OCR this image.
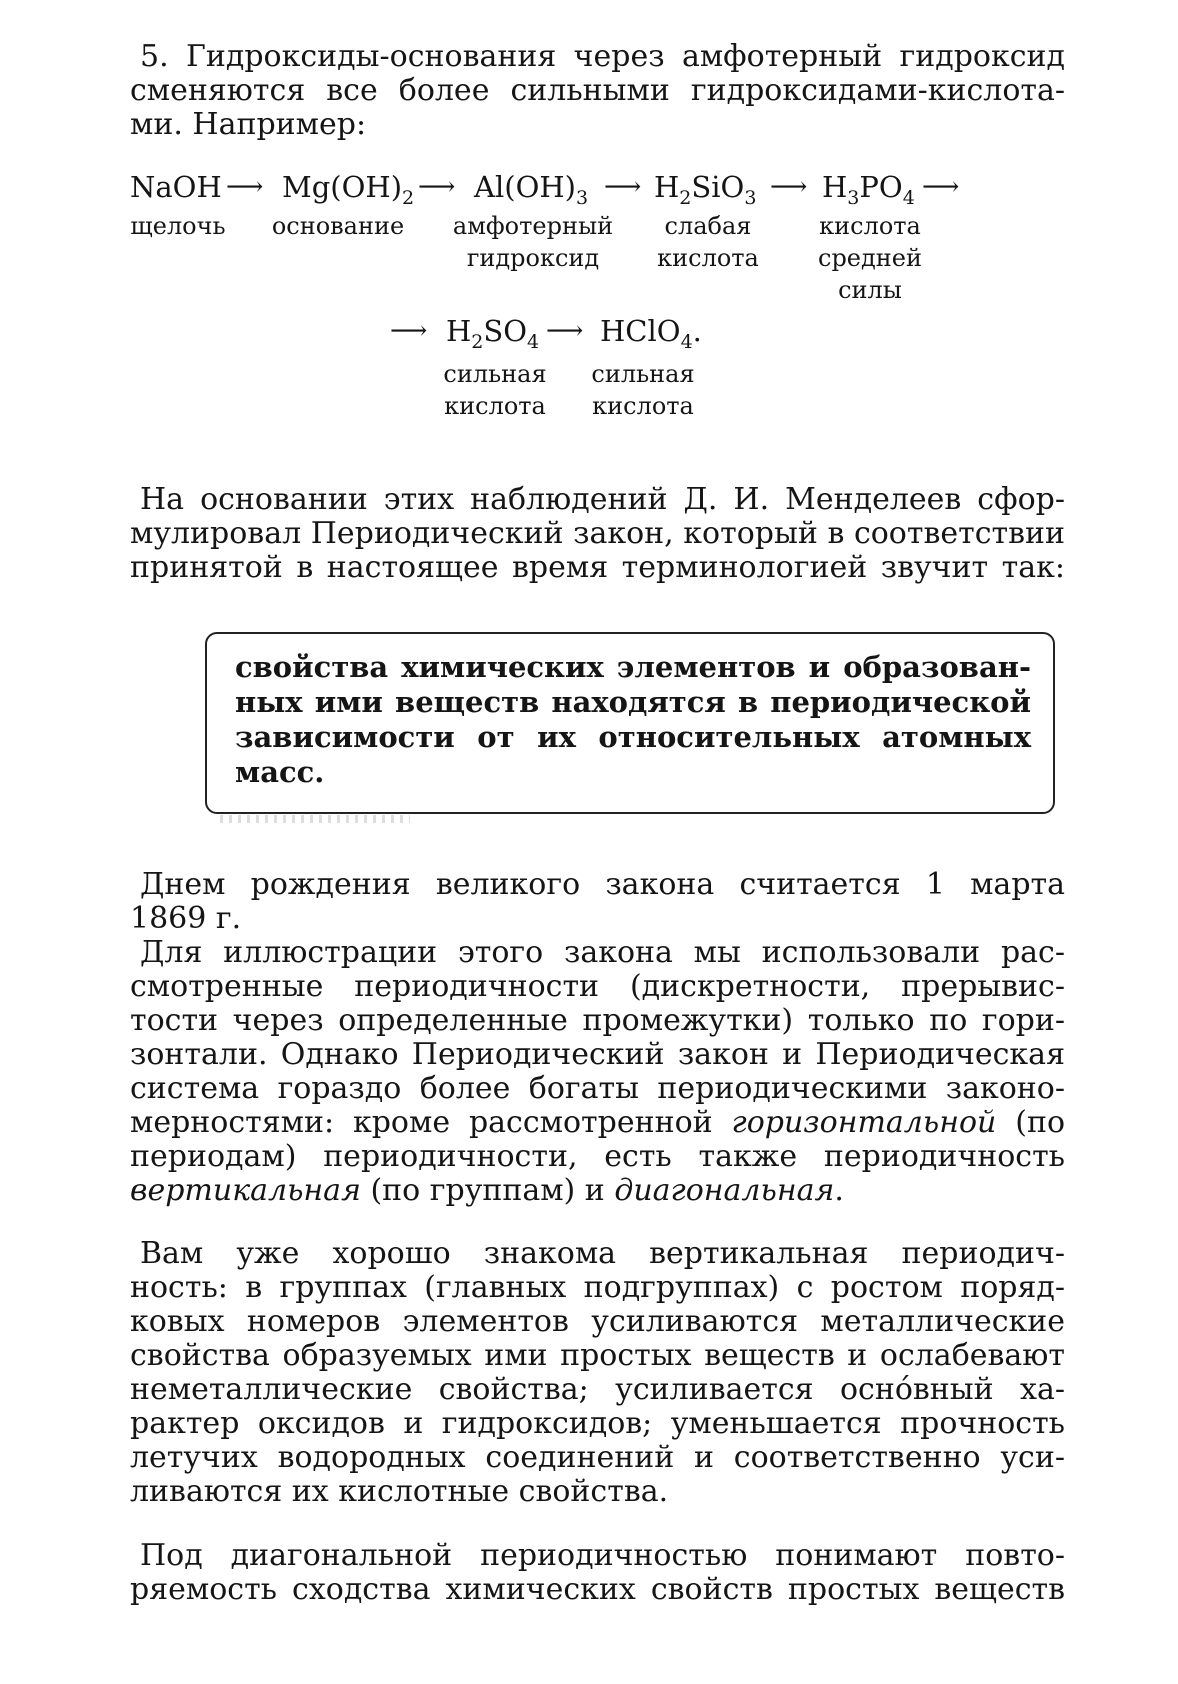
5. Гидроксиды-основания через амфотерный гидроксид
сменяются все более сильными гидроксидами-кислота-
ми. Например:
NaOH ⟶ $Mg(OH)_2$ ⟶ $Al(OH)_3$ ⟶ $H_2SiO_3$ ⟶ $H_3PO_4$ ⟶
щелочь	основание амфотерный
гидроксид
слабая
кислота
кислота
средней
силы
⟶ $H_2SO_4$ ⟶ HClO$_4$.
сильная
кислота
сильная
кислота
На основании этих наблюдений Д. И. Менделеев сфор-
мулировал Периодический закон, который в соответствии
принятой в настоящее время терминологией звучит так:
свойства химических элементов и образован-
ных ими веществ находятся в периодической
зависимости от их относительных атомных
масс.
Днем рождения великого закона считается 1 марта
1869 г.
Для иллюстрации этого закона мы использовали рас-
смотренные периодичности (дискретности, прерывис-
тости через определенные промежутки) только по гори-
зонтали. Однако Периодический закон и Периодическая
система гораздо более богаты периодическими законо-
мерностями: кроме рассмотренной горизонтальной (по
периодам) периодичности, есть также периодичность
вертикальная (по группам) и диагональная.
Вам уже хорошо знакома вертикальная периодич-
ность: в группах (главных подгруппах) с ростом поряд-
ковых номеров элементов усиливаются металлические
свойства образуемых ими простых веществ и ослабевают
неметаллические свойства; усиливается осно́вный ха-
рактер оксидов и гидроксидов; уменьшается прочность
летучих водородных соединений и соответственно уси-
ливаются их кислотные свойства.
Под диагональной периодичностью понимают повто-
ряемость сходства химических свойств простых веществ
